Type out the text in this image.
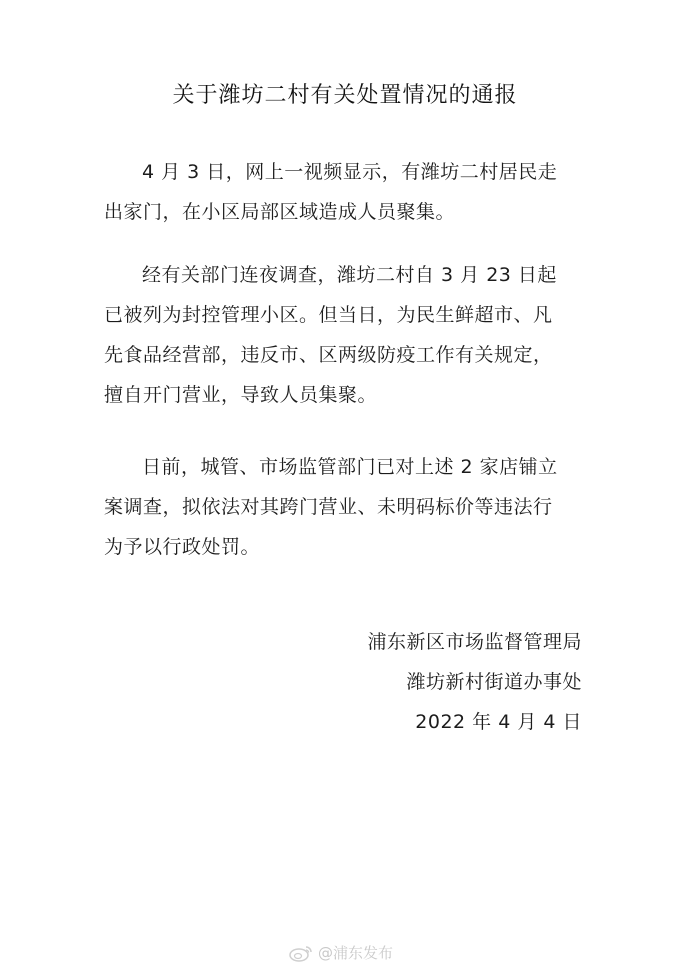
关于潍坊二村有关处置情况的通报
4 月 3 日，网上一视频显示，有潍坊二村居民走
出家门，在小区局部区域造成人员聚集。
经有关部门连夜调查，潍坊二村自 3 月 23 日起
已被列为封控管理小区。但当日，为民生鲜超市、凡
先食品经营部，违反市、区两级防疫工作有关规定，
擅自开门营业，导致人员集聚。
日前，城管、市场监管部门已对上述 2 家店铺立
案调查，拟依法对其跨门营业、未明码标价等违法行
为予以行政处罚。
浦东新区市场监督管理局
潍坊新村街道办事处
2022 年 4 月 4 日
@浦东发布
